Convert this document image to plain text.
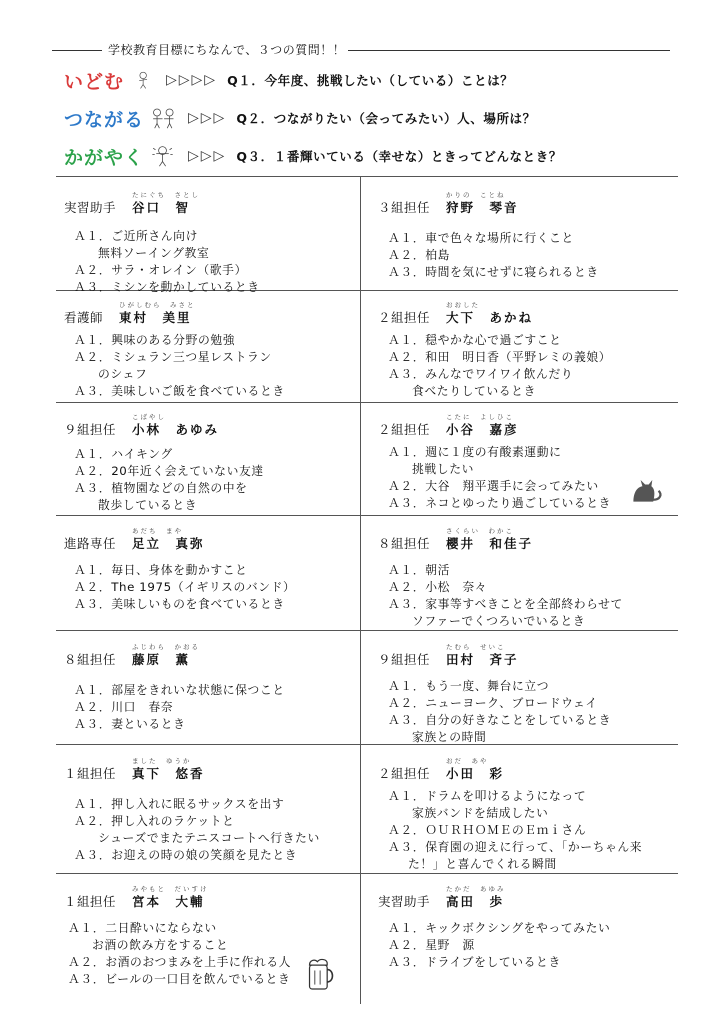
学校教育目標にちなんで、３つの質問！！
いどむ	▷▷▷▷ Q１．今年度、挑戦したい（している）ことは？
つながる	▷▷▷ Q２．つながりたい（会ってみたい）人、場所は？
かがやく	▷▷▷ Q３．１番輝いている（幸せな）ときってどんなとき？
実習助手
たにぐち　さとし
谷口　智
Ａ１．ご近所さん向け
無料ソーイング教室
Ａ２．サラ・オレイン（歌手）
Ａ３．ミシンを動かしているとき
３組担任
かりの　ことね
狩野　琴音
Ａ１．車で色々な場所に行くこと
Ａ２．柏島
Ａ３．時間を気にせずに寝られるとき
看護師
ひがしむら　みさと
東村　美里
Ａ１．興味のある分野の勉強
Ａ２．ミシュラン三つ星レストラン
のシェフ
Ａ３．美味しいご飯を食べているとき
２組担任
おおした
大下　あかね
Ａ１．穏やかな心で過ごすこと
Ａ２．和田　明日香（平野レミの義娘）
Ａ３．みんなでワイワイ飲んだり
食べたりしているとき
９組担任
こばやし
小林　あゆみ
Ａ１．ハイキング
Ａ２．20年近く会えていない友達
Ａ３．植物園などの自然の中を
散歩しているとき
２組担任
こたに　よしひこ
小谷　嘉彦
Ａ１．週に１度の有酸素運動に
挑戦したい
Ａ２．大谷　翔平選手に会ってみたい
Ａ３．ネコとゆったり過ごしているとき
進路専任
あだち　まや
足立　真弥
Ａ１．毎日、身体を動かすこと
Ａ２．The 1975（イギリスのバンド）
Ａ３．美味しいものを食べているとき
８組担任
さくらい　わかこ
櫻井　和佳子
Ａ１．朝活
Ａ２．小松　奈々
Ａ３．家事等すべきことを全部終わらせて
ソファーでくつろいでいるとき
８組担任
ふじわら　かおる
藤原　薫
Ａ１．部屋をきれいな状態に保つこと
Ａ２．川口　春奈
Ａ３．妻といるとき
９組担任
たむら　せいこ
田村　斉子
Ａ１．もう一度、舞台に立つ
Ａ２．ニューヨーク、ブロードウェイ
Ａ３．自分の好きなことをしているとき
家族との時間
１組担任
ました　ゆうか
真下　悠香
Ａ１．押し入れに眠るサックスを出す
Ａ２．押し入れのラケットと
シューズでまたテニスコートへ行きたい
Ａ３．お迎えの時の娘の笑顔を見たとき
２組担任
おだ　あや
小田　彩
Ａ１．ドラムを叩けるようになって
家族バンドを結成したい
Ａ２．ＯＵＲＨＯＭＥのＥｍｉさん
Ａ３．保育園の迎えに行って、「かーちゃん来
た！」と喜んでくれる瞬間
１組担任
みやもと　だいすけ
宮本　大輔
Ａ１．二日酔いにならない
お酒の飲み方をすること
Ａ２．お酒のおつまみを上手に作れる人
Ａ３．ビールの一口目を飲んでいるとき
実習助手
たかだ　あゆみ
高田　歩
Ａ１．キックボクシングをやってみたい
Ａ２．星野　源
Ａ３．ドライブをしているとき
